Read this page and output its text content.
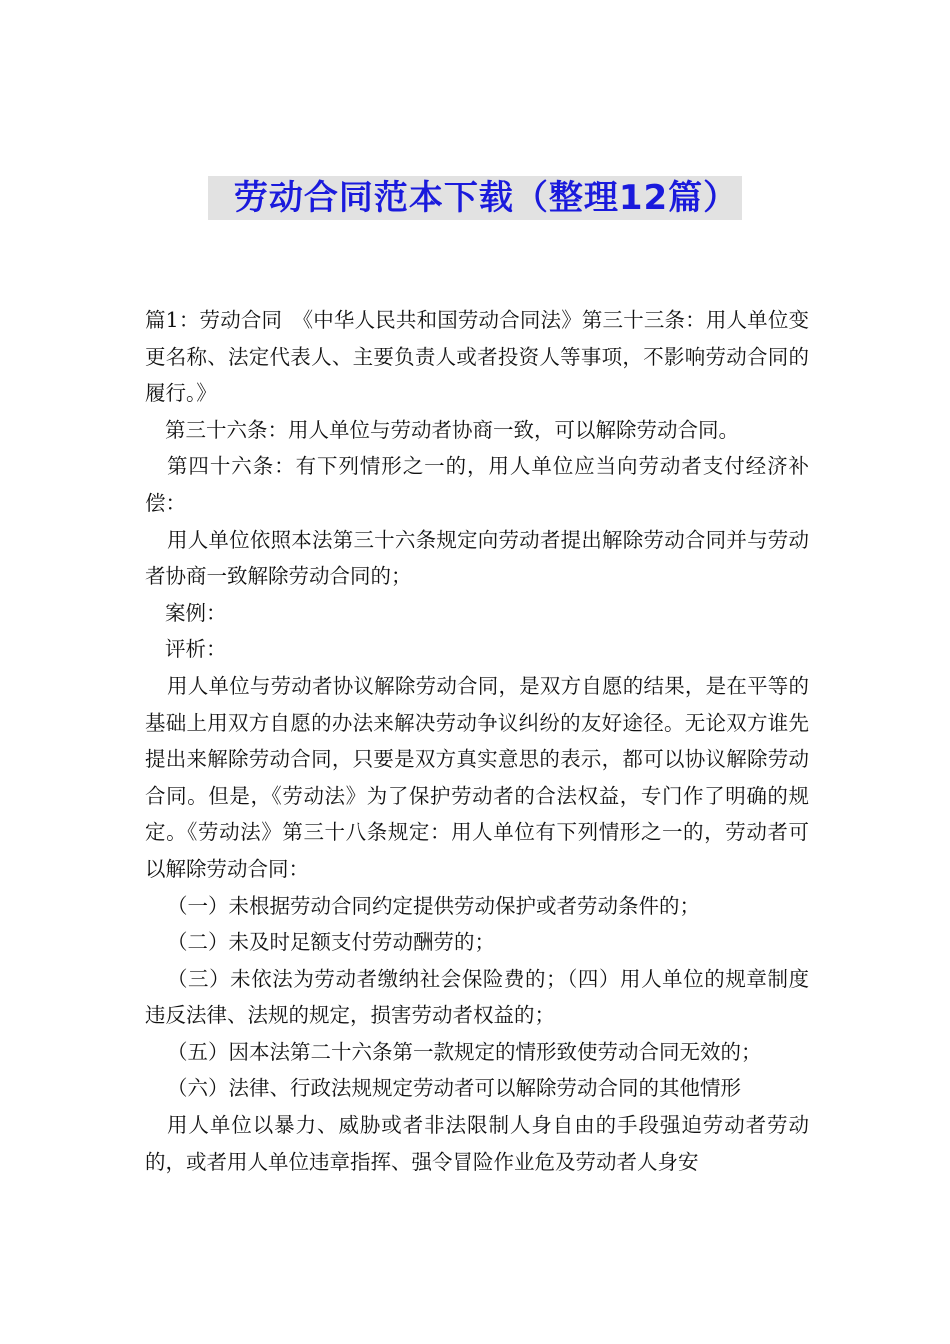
劳动合同范本下载（整理12篇）

篇1：劳动合同　《中华人民共和国劳动合同法》第三十三条：用人单位变更名称、法定代表人、主要负责人或者投资人等事项，不影响劳动合同的履行。》

第三十六条：用人单位与劳动者协商一致，可以解除劳动合同。

第四十六条：有下列情形之一的，用人单位应当向劳动者支付经济补偿：

用人单位依照本法第三十六条规定向劳动者提出解除劳动合同并与劳动者协商一致解除劳动合同的；

案例：

评析：

用人单位与劳动者协议解除劳动合同，是双方自愿的结果，是在平等的基础上用双方自愿的办法来解决劳动争议纠纷的友好途径。无论双方谁先提出来解除劳动合同，只要是双方真实意思的表示，都可以协议解除劳动合同。但是，《劳动法》为了保护劳动者的合法权益，专门作了明确的规定。《劳动法》第三十八条规定：用人单位有下列情形之一的，劳动者可以解除劳动合同：

（一）未根据劳动合同约定提供劳动保护或者劳动条件的；

（二）未及时足额支付劳动酬劳的；

（三）未依法为劳动者缴纳社会保险费的；（四）用人单位的规章制度违反法律、法规的规定，损害劳动者权益的；

（五）因本法第二十六条第一款规定的情形致使劳动合同无效的；

（六）法律、行政法规规定劳动者可以解除劳动合同的其他情形

用人单位以暴力、威胁或者非法限制人身自由的手段强迫劳动者劳动的，或者用人单位违章指挥、强令冒险作业危及劳动者人身安
